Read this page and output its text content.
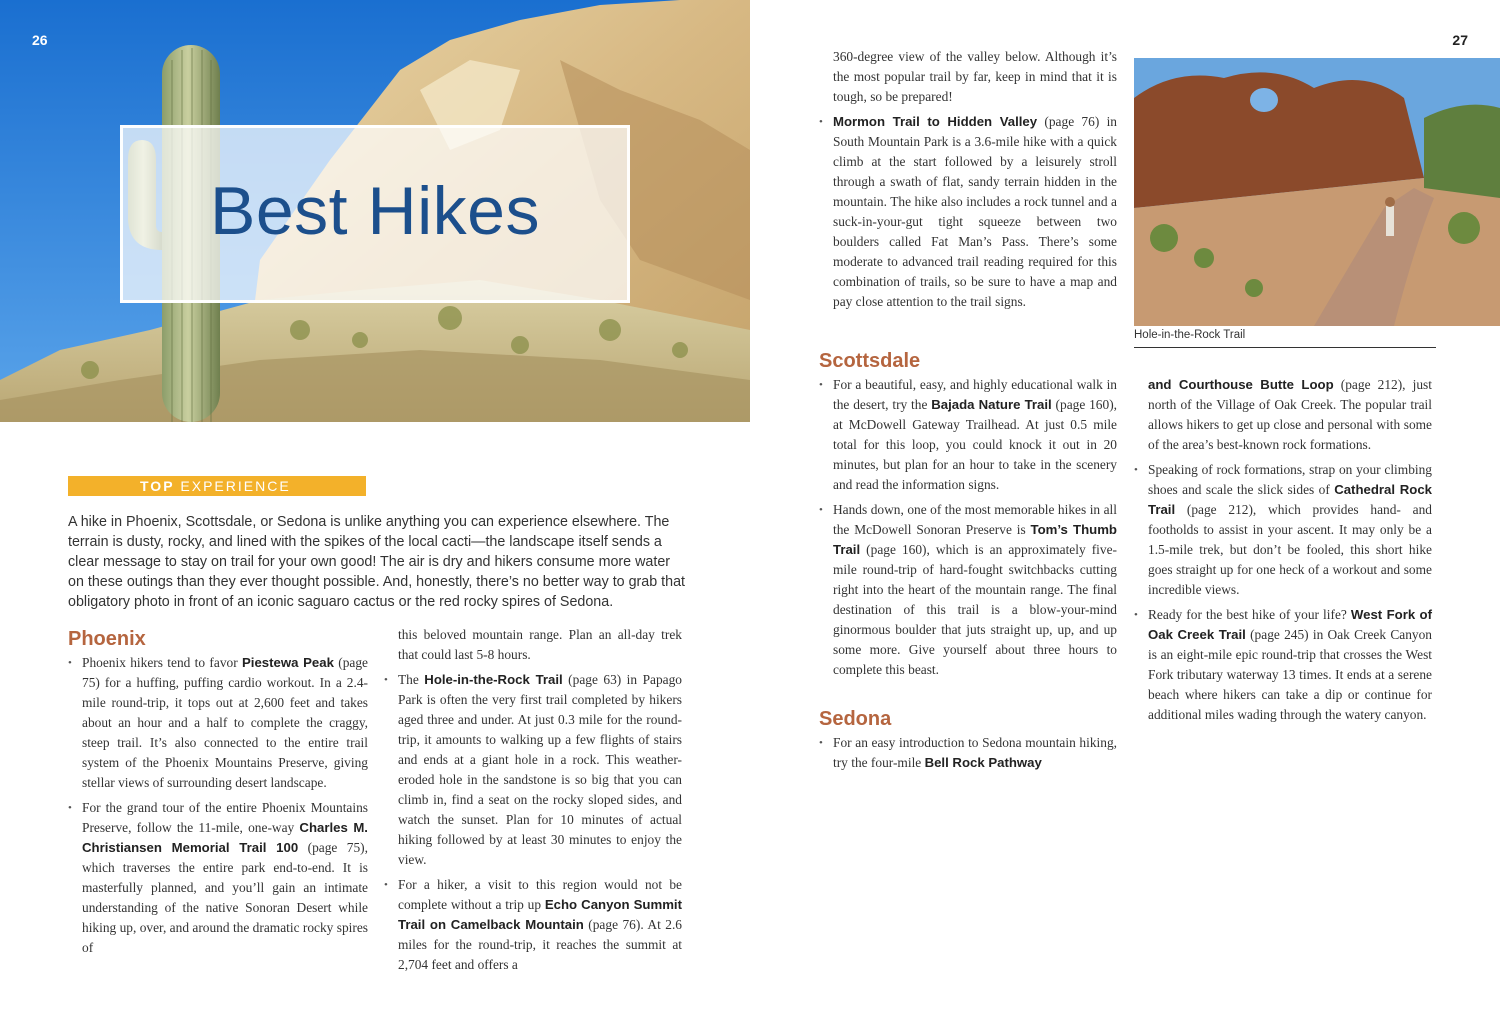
26	27
Best Hikes
TOP EXPERIENCE
A hike in Phoenix, Scottsdale, or Sedona is unlike anything you can experience elsewhere. The terrain is dusty, rocky, and lined with the spikes of the local cacti—the landscape itself sends a clear message to stay on trail for your own good! The air is dry and hikers consume more water on these outings than they ever thought possible. And, honestly, there’s no better way to grab that obligatory photo in front of an iconic saguaro cactus or the red rocky spires of Sedona.
Phoenix
• Phoenix hikers tend to favor Piestewa Peak (page 75) for a huffing, puffing cardio workout. In a 2.4-mile round-trip, it tops out at 2,600 feet and takes about an hour and a half to complete the craggy, steep trail. It’s also connected to the entire trail system of the Phoenix Mountains Preserve, giving stellar views of surrounding desert landscape.
• For the grand tour of the entire Phoenix Mountains Preserve, follow the 11-mile, one-way Charles M. Christiansen Memorial Trail 100 (page 75), which traverses the entire park end-to-end. It is masterfully planned, and you’ll gain an intimate understanding of the native Sonoran Desert while hiking up, over, and around the dramatic rocky spires of
this beloved mountain range. Plan an all-day trek that could last 5-8 hours.
• The Hole-in-the-Rock Trail (page 63) in Papago Park is often the very first trail completed by hikers aged three and under. At just 0.3 mile for the round-trip, it amounts to walking up a few flights of stairs and ends at a giant hole in a rock. This weather-eroded hole in the sandstone is so big that you can climb in, find a seat on the rocky sloped sides, and watch the sunset. Plan for 10 minutes of actual hiking followed by at least 30 minutes to enjoy the view.
• For a hiker, a visit to this region would not be complete without a trip up Echo Canyon Summit Trail on Camelback Mountain (page 76). At 2.6 miles for the round-trip, it reaches the summit at 2,704 feet and offers a
360-degree view of the valley below. Although it’s the most popular trail by far, keep in mind that it is tough, so be prepared!
• Mormon Trail to Hidden Valley (page 76) in South Mountain Park is a 3.6-mile hike with a quick climb at the start followed by a leisurely stroll through a swath of flat, sandy terrain hidden in the mountain. The hike also includes a rock tunnel and a suck-in-your-gut tight squeeze between two boulders called Fat Man’s Pass. There’s some moderate to advanced trail reading required for this combination of trails, so be sure to have a map and pay close attention to the trail signs.
Scottsdale
• For a beautiful, easy, and highly educational walk in the desert, try the Bajada Nature Trail (page 160), at McDowell Gateway Trailhead. At just 0.5 mile total for this loop, you could knock it out in 20 minutes, but plan for an hour to take in the scenery and read the information signs.
• Hands down, one of the most memorable hikes in all the McDowell Sonoran Preserve is Tom’s Thumb Trail (page 160), which is an approximately five-mile round-trip of hard-fought switchbacks cutting right into the heart of the mountain range. The final destination of this trail is a blow-your-mind ginormous boulder that juts straight up, up, and up some more. Give yourself about three hours to complete this beast.
Sedona
• For an easy introduction to Sedona mountain hiking, try the four-mile Bell Rock Pathway
Hole-in-the-Rock Trail
and Courthouse Butte Loop (page 212), just north of the Village of Oak Creek. The popular trail allows hikers to get up close and personal with some of the area’s best-known rock formations.
• Speaking of rock formations, strap on your climbing shoes and scale the slick sides of Cathedral Rock Trail (page 212), which provides hand- and footholds to assist in your ascent. It may only be a 1.5-mile trek, but don’t be fooled, this short hike goes straight up for one heck of a workout and some incredible views.
• Ready for the best hike of your life? West Fork of Oak Creek Trail (page 245) in Oak Creek Canyon is an eight-mile epic round-trip that crosses the West Fork tributary waterway 13 times. It ends at a serene beach where hikers can take a dip or continue for additional miles wading through the watery canyon.
